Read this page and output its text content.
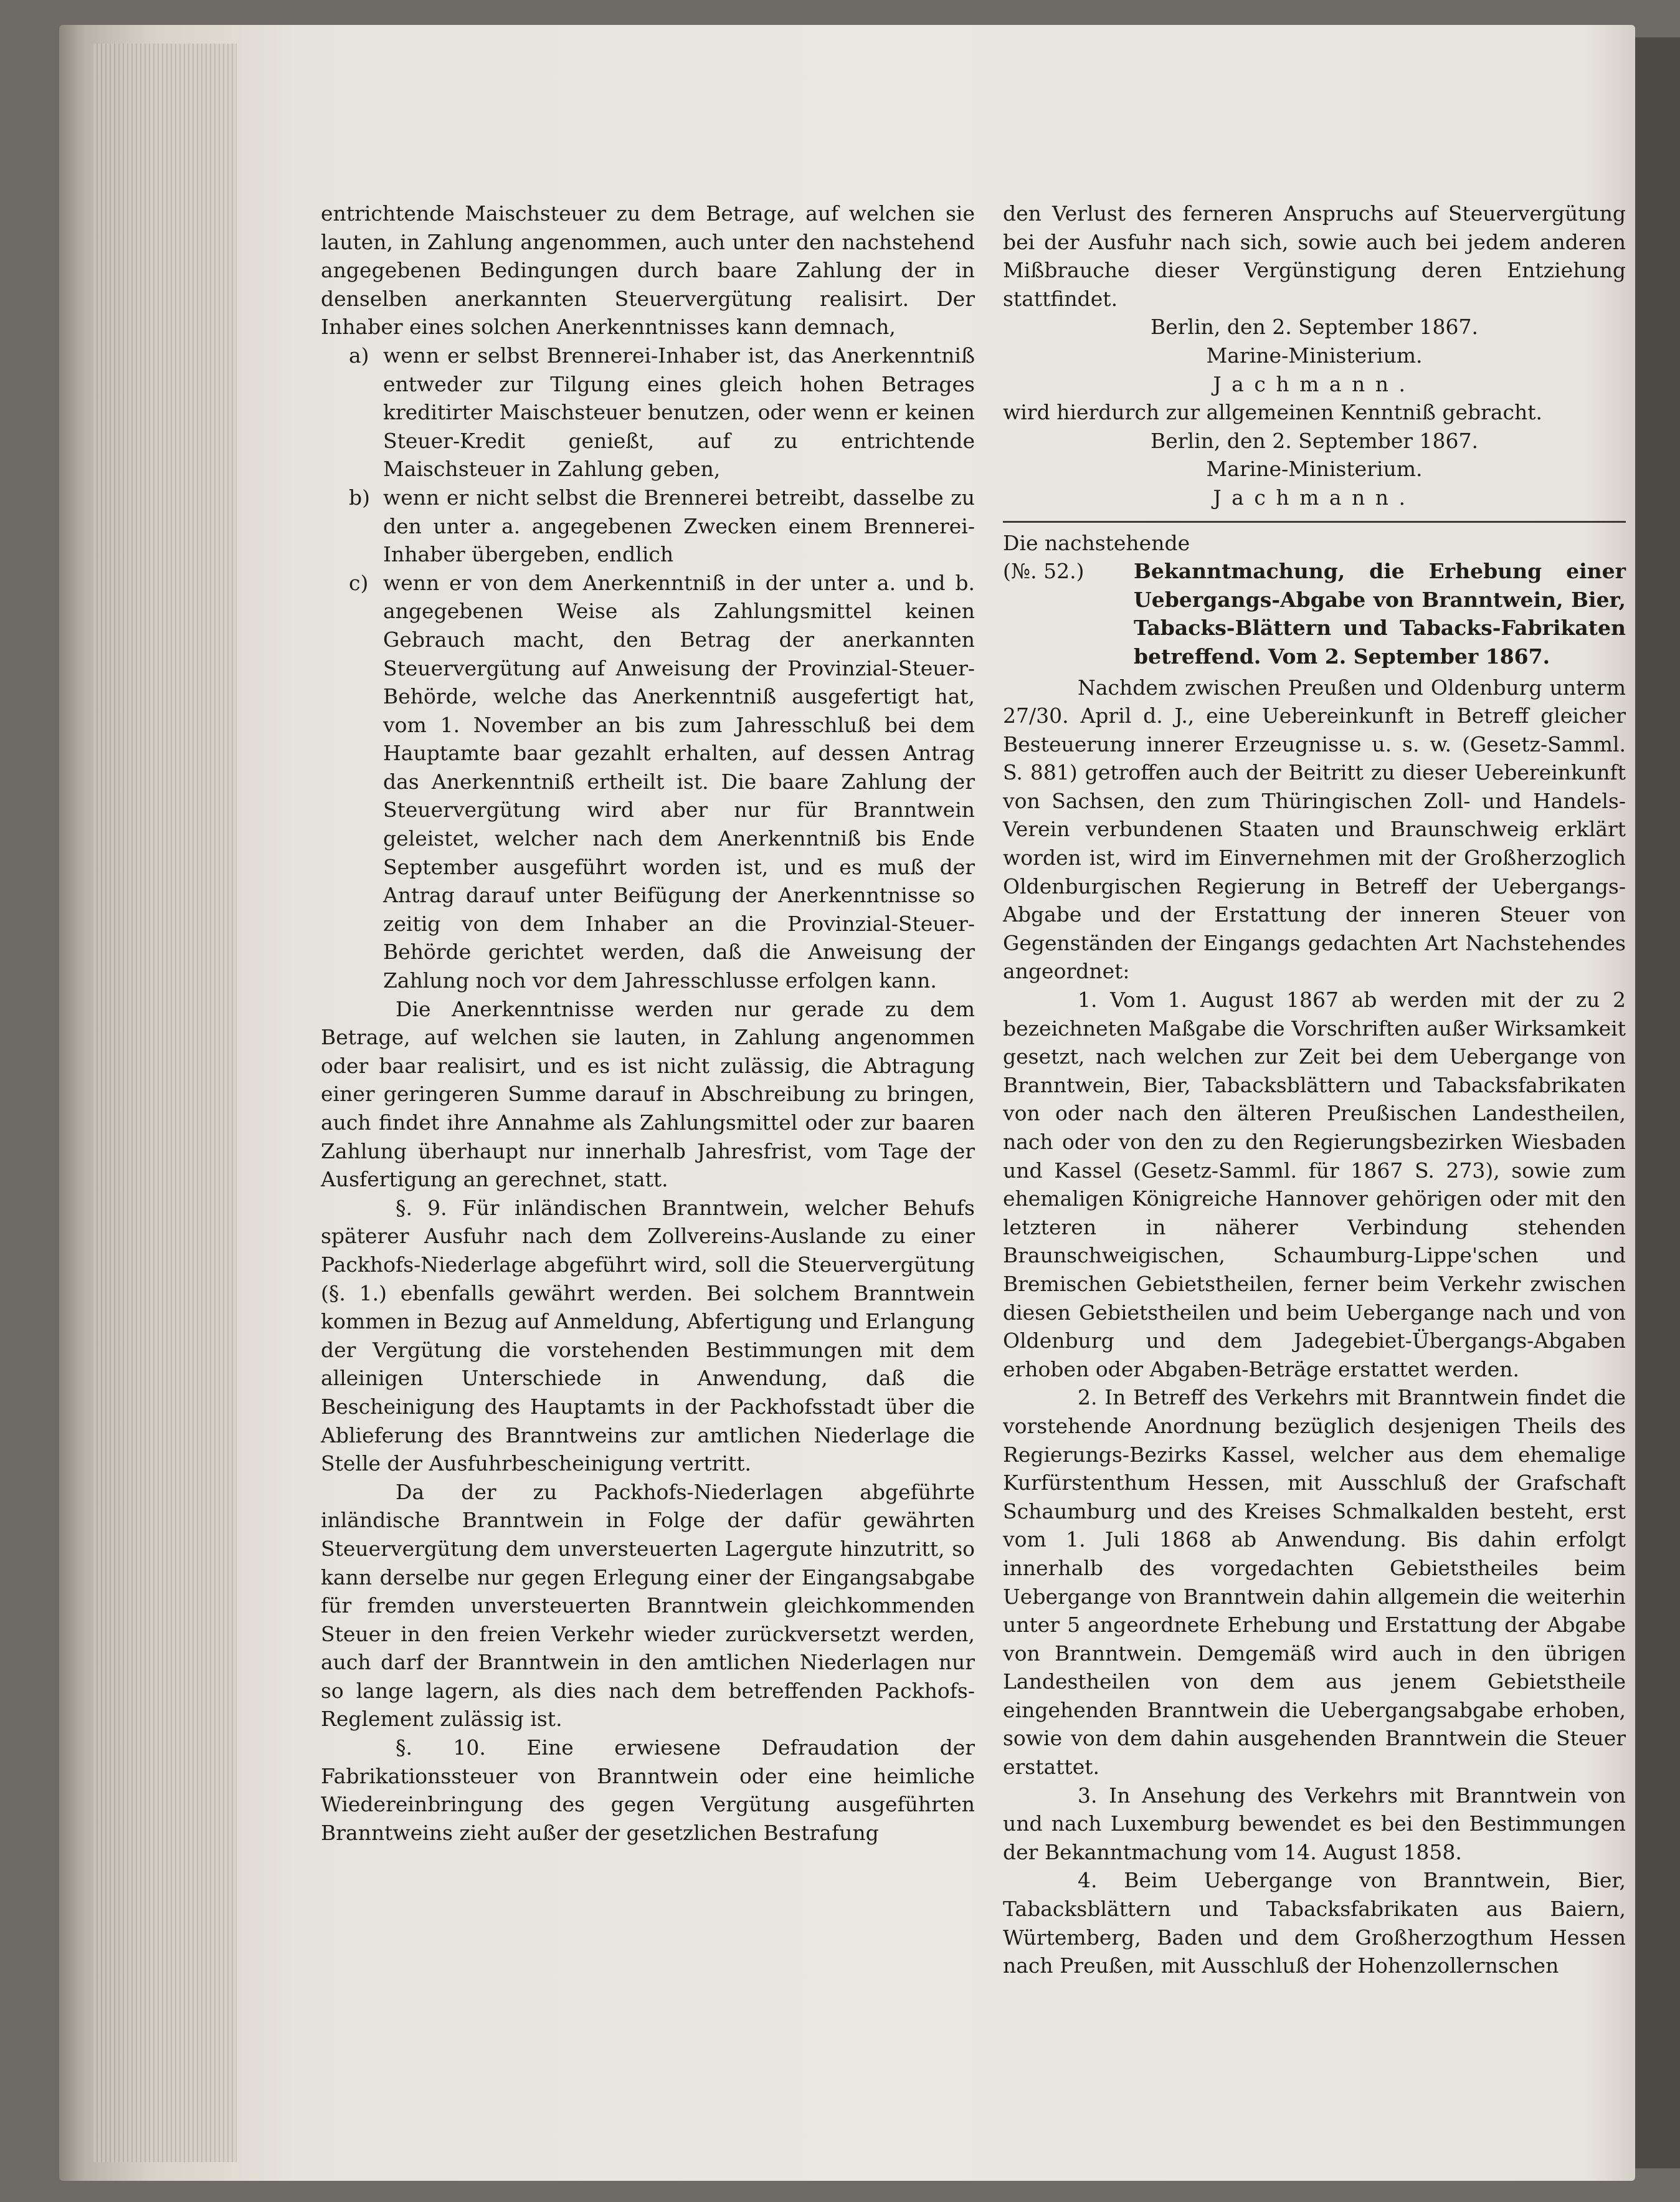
entrichtende Maischsteuer zu dem Betrage, auf welchen sie lauten, in Zahlung angenommen, auch unter den nachstehend angegebenen Bedingungen durch baare Zahlung der in denselben anerkannten Steuervergütung realisirt. Der Inhaber eines solchen Anerkenntnisses kann demnach,

a) wenn er selbst Brennerei-Inhaber ist, das Anerkenntniß entweder zur Tilgung eines gleich hohen Betrages kreditirter Maischsteuer benutzen, oder wenn er keinen Steuer-Kredit genießt, auf zu entrichtende Maischsteuer in Zahlung geben,
b) wenn er nicht selbst die Brennerei betreibt, dasselbe zu den unter a. angegebenen Zwecken einem Brennerei-Inhaber übergeben, endlich
c) wenn er von dem Anerkenntniß in der unter a. und b. angegebenen Weise als Zahlungsmittel keinen Gebrauch macht, den Betrag der anerkannten Steuervergütung auf Anweisung der Provinzial-Steuer-Behörde, welche das Anerkenntniß ausgefertigt hat, vom 1. November an bis zum Jahresschluß bei dem Hauptamte baar gezahlt erhalten, auf dessen Antrag das Anerkenntniß ertheilt ist. Die baare Zahlung der Steuervergütung wird aber nur für Branntwein geleistet, welcher nach dem Anerkenntniß bis Ende September ausgeführt worden ist, und es muß der Antrag darauf unter Beifügung der Anerkenntnisse so zeitig von dem Inhaber an die Provinzial-Steuer-Behörde gerichtet werden, daß die Anweisung der Zahlung noch vor dem Jahresschlusse erfolgen kann.

Die Anerkenntnisse werden nur gerade zu dem Betrage, auf welchen sie lauten, in Zahlung angenommen oder baar realisirt, und es ist nicht zulässig, die Abtragung einer geringeren Summe darauf in Abschreibung zu bringen, auch findet ihre Annahme als Zahlungsmittel oder zur baaren Zahlung überhaupt nur innerhalb Jahresfrist, vom Tage der Ausfertigung an gerechnet, statt.

§. 9. Für inländischen Branntwein, welcher Behufs späterer Ausfuhr nach dem Zollvereins-Auslande zu einer Packhofs-Niederlage abgeführt wird, soll die Steuervergütung (§. 1.) ebenfalls gewährt werden. Bei solchem Branntwein kommen in Bezug auf Anmeldung, Abfertigung und Erlangung der Vergütung die vorstehenden Bestimmungen mit dem alleinigen Unterschiede in Anwendung, daß die Bescheinigung des Hauptamts in der Packhofsstadt über die Ablieferung des Branntweins zur amtlichen Niederlage die Stelle der Ausfuhrbescheinigung vertritt.

Da der zu Packhofs-Niederlagen abgeführte inländische Branntwein in Folge der dafür gewährten Steuervergütung dem unversteuerten Lagergute hinzutritt, so kann derselbe nur gegen Erlegung einer der Eingangsabgabe für fremden unversteuerten Branntwein gleichkommenden Steuer in den freien Verkehr wieder zurückversetzt werden, auch darf der Branntwein in den amtlichen Niederlagen nur so lange lagern, als dies nach dem betreffenden Packhofs-Reglement zulässig ist.

§. 10. Eine erwiesene Defraudation der Fabrikationssteuer von Branntwein oder eine heimliche Wiedereinbringung des gegen Vergütung ausgeführten Branntweins zieht außer der gesetzlichen Bestrafung

den Verlust des ferneren Anspruchs auf Steuervergütung bei der Ausfuhr nach sich, sowie auch bei jedem anderen Mißbrauche dieser Vergünstigung deren Entziehung stattfindet.

Berlin, den 2. September 1867.

Marine-Ministerium.

Jachmann.

wird hierdurch zur allgemeinen Kenntniß gebracht.

Berlin, den 2. September 1867.

Marine-Ministerium.

Jachmann.

Die nachstehende

(№. 52.)	Bekanntmachung, die Erhebung einer Uebergangs-Abgabe von Branntwein, Bier, Tabacks-Blättern und Tabacks-Fabrikaten betreffend. Vom 2. September 1867.

Nachdem zwischen Preußen und Oldenburg unterm 27/30. April d. J., eine Uebereinkunft in Betreff gleicher Besteuerung innerer Erzeugnisse u. s. w. (Gesetz-Samml. S. 881) getroffen auch der Beitritt zu dieser Uebereinkunft von Sachsen, den zum Thüringischen Zoll- und Handels-Verein verbundenen Staaten und Braunschweig erklärt worden ist, wird im Einvernehmen mit der Großherzoglich Oldenburgischen Regierung in Betreff der Uebergangs-Abgabe und der Erstattung der inneren Steuer von Gegenständen der Eingangs gedachten Art Nachstehendes angeordnet:

1. Vom 1. August 1867 ab werden mit der zu 2 bezeichneten Maßgabe die Vorschriften außer Wirksamkeit gesetzt, nach welchen zur Zeit bei dem Uebergange von Branntwein, Bier, Tabacksblättern und Tabacksfabrikaten von oder nach den älteren Preußischen Landestheilen, nach oder von den zu den Regierungsbezirken Wiesbaden und Kassel (Gesetz-Samml. für 1867 S. 273), sowie zum ehemaligen Königreiche Hannover gehörigen oder mit den letzteren in näherer Verbindung stehenden Braunschweigischen, Schaumburg-Lippe'schen und Bremischen Gebietstheilen, ferner beim Verkehr zwischen diesen Gebietstheilen und beim Uebergange nach und von Oldenburg und dem Jadegebiet-Übergangs-Abgaben erhoben oder Abgaben-Beträge erstattet werden.

2. In Betreff des Verkehrs mit Branntwein findet die vorstehende Anordnung bezüglich desjenigen Theils des Regierungs-Bezirks Kassel, welcher aus dem ehemalige Kurfürstenthum Hessen, mit Ausschluß der Grafschaft Schaumburg und des Kreises Schmalkalden besteht, erst vom 1. Juli 1868 ab Anwendung. Bis dahin erfolgt innerhalb des vorgedachten Gebietstheiles beim Uebergange von Branntwein dahin allgemein die weiterhin unter 5 angeordnete Erhebung und Erstattung der Abgabe von Branntwein. Demgemäß wird auch in den übrigen Landestheilen von dem aus jenem Gebietstheile eingehenden Branntwein die Uebergangsabgabe erhoben, sowie von dem dahin ausgehenden Branntwein die Steuer erstattet.

3. In Ansehung des Verkehrs mit Branntwein von und nach Luxemburg bewendet es bei den Bestimmungen der Bekanntmachung vom 14. August 1858.

4. Beim Uebergange von Branntwein, Bier, Tabacksblättern und Tabacksfabrikaten aus Baiern, Würtemberg, Baden und dem Großherzogthum Hessen nach Preußen, mit Ausschluß der Hohenzollernschen
